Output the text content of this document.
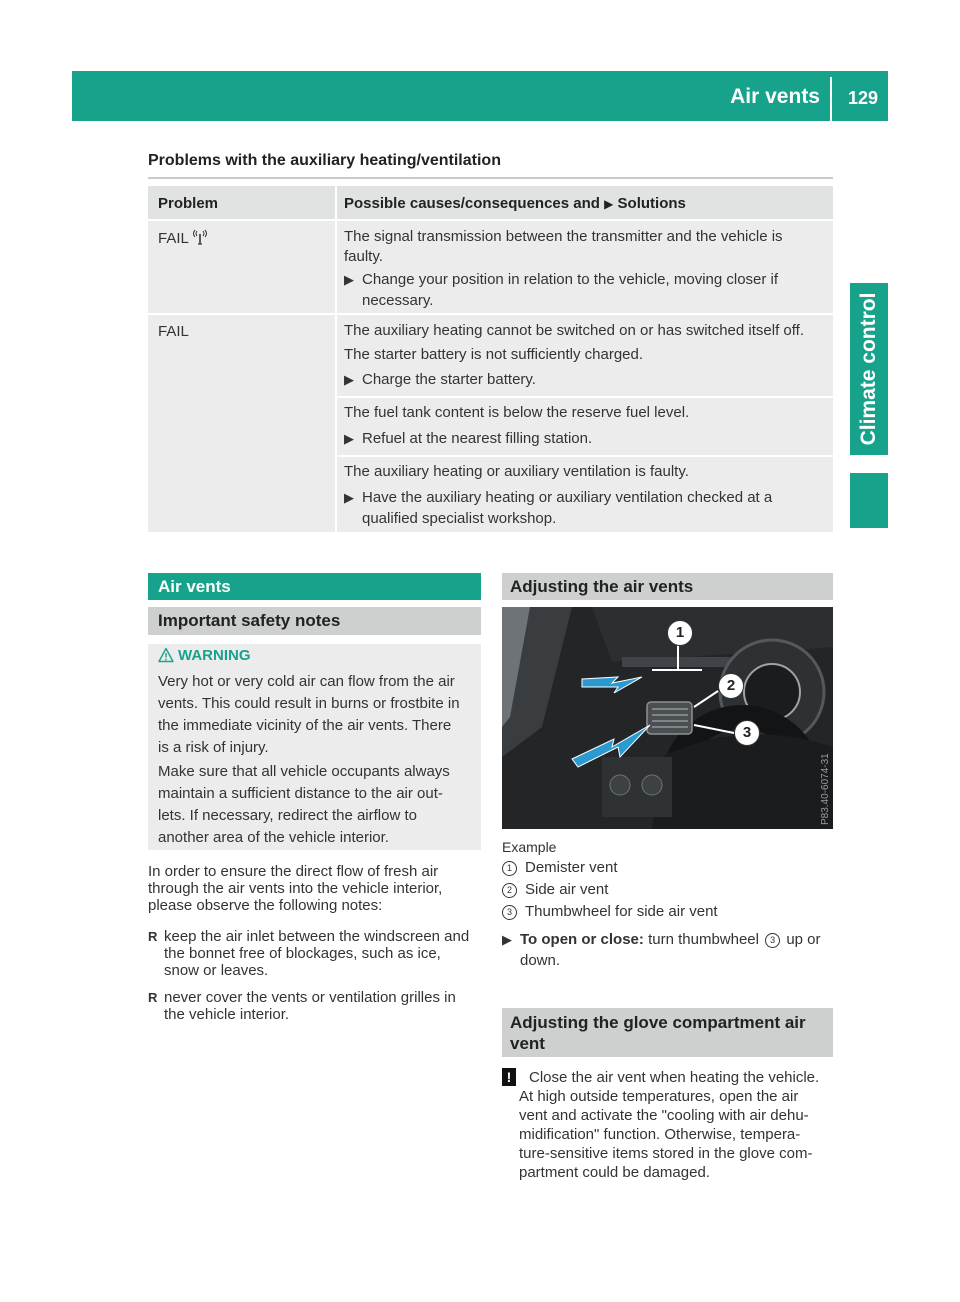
Air vents 129
Climate control
Problems with the auxiliary heating/ventilation
Problem	Possible causes/consequences and ▶ Solutions
FAIL	The signal transmission between the transmitter and the vehicle is
faulty.
▶ Change your position in relation to the vehicle, moving closer if
necessary.
FAIL	The auxiliary heating cannot be switched on or has switched itself off.
The starter battery is not sufficiently charged.
▶ Charge the starter battery.
The fuel tank content is below the reserve fuel level.
▶ Refuel at the nearest filling station.
The auxiliary heating or auxiliary ventilation is faulty.
▶ Have the auxiliary heating or auxiliary ventilation checked at a
qualified specialist workshop.
Air vents
Important safety notes
WARNING
Very hot or very cold air can flow from the air
vents. This could result in burns or frostbite in
the immediate vicinity of the air vents. There
is a risk of injury.
Make sure that all vehicle occupants always
maintain a sufficient distance to the air out-
lets. If necessary, redirect the airflow to
another area of the vehicle interior.
In order to ensure the direct flow of fresh air
through the air vents into the vehicle interior,
please observe the following notes:
R keep the air inlet between the windscreen and
the bonnet free of blockages, such as ice,
snow or leaves.
R never cover the vents or ventilation grilles in
the vehicle interior.
Adjusting the air vents
1
2
3
P83.40-6074-31
Example
1 Demister vent
2 Side air vent
3 Thumbwheel for side air vent
▶ To open or close: turn thumbwheel 3 up or
down.
Adjusting the glove compartment air
vent
!	Close the air vent when heating the vehicle.
At high outside temperatures, open the air
vent and activate the "cooling with air dehu-
midification" function. Otherwise, tempera-
ture-sensitive items stored in the glove com-
partment could be damaged.
